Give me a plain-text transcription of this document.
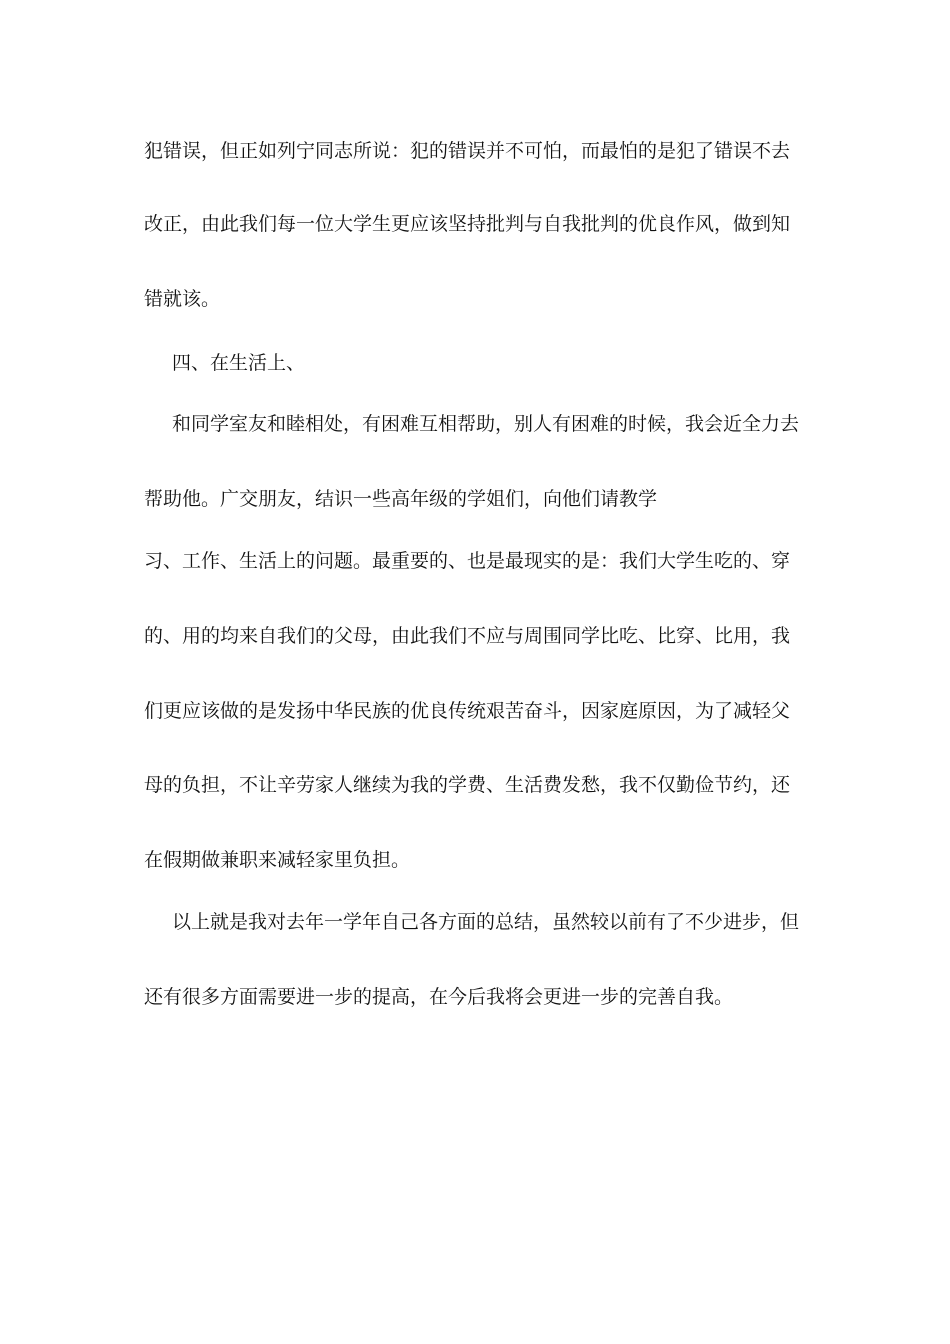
犯错误，但正如列宁同志所说：犯的错误并不可怕，而最怕的是犯了错误不去
改正，由此我们每一位大学生更应该坚持批判与自我批判的优良作风，做到知
错就该。
四、在生活上、
和同学室友和睦相处，有困难互相帮助，别人有困难的时候，我会近全力去
帮助他。广交朋友，结识一些高年级的学姐们，向他们请教学
习、工作、生活上的问题。最重要的、也是最现实的是：我们大学生吃的、穿
的、用的均来自我们的父母，由此我们不应与周围同学比吃、比穿、比用，我
们更应该做的是发扬中华民族的优良传统艰苦奋斗，因家庭原因，为了减轻父
母的负担，不让辛劳家人继续为我的学费、生活费发愁，我不仅勤俭节约，还
在假期做兼职来减轻家里负担。
以上就是我对去年一学年自己各方面的总结，虽然较以前有了不少进步，但
还有很多方面需要进一步的提高，在今后我将会更进一步的完善自我。
